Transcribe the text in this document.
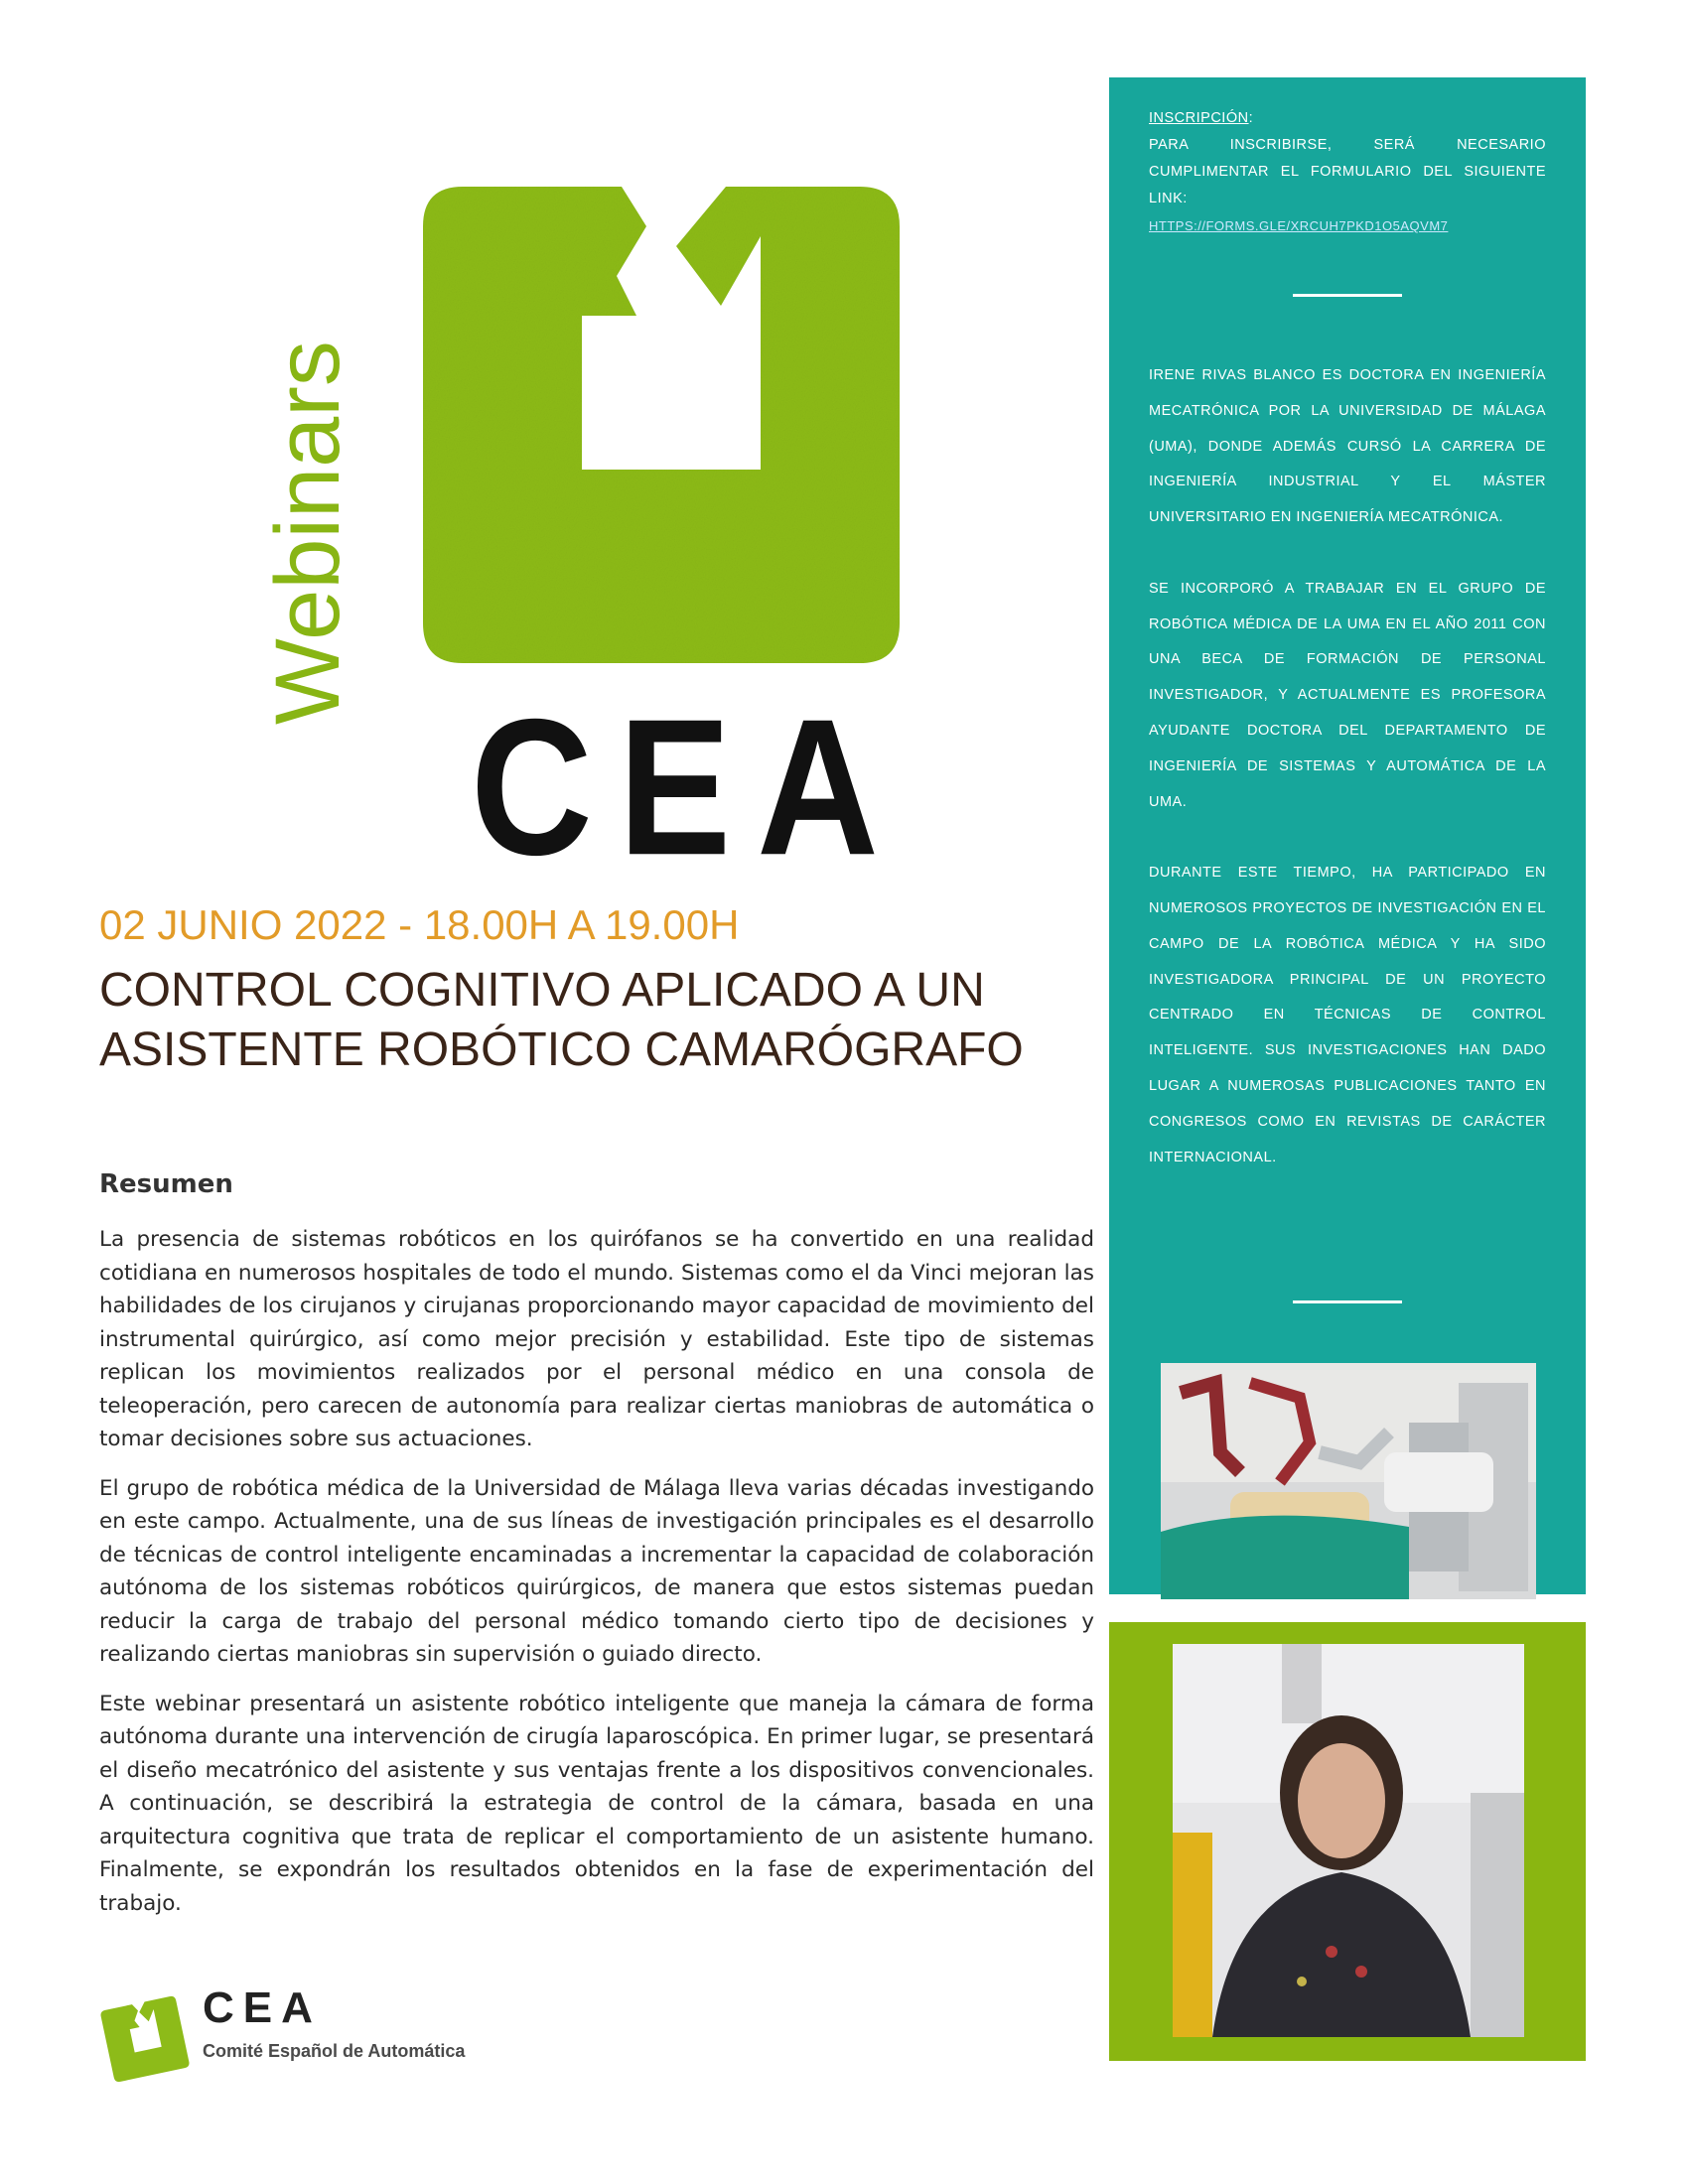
Webinars
CEA
02 JUNIO 2022 - 18.00H A 19.00H
CONTROL COGNITIVO APLICADO A UN
ASISTENTE ROBÓTICO CAMARÓGRAFO
Resumen

La presencia de sistemas robóticos en los quirófanos se ha convertido en una realidad cotidiana en numerosos hospitales de todo el mundo. Sistemas como el da Vinci mejoran las habilidades de los cirujanos y cirujanas proporcionando mayor capacidad de movimiento del instrumental quirúrgico, así como mejor precisión y estabilidad. Este tipo de sistemas replican los movimientos realizados por el personal médico en una consola de teleoperación, pero carecen de autonomía para realizar ciertas maniobras de automática o tomar decisiones sobre sus actuaciones.

El grupo de robótica médica de la Universidad de Málaga lleva varias décadas investigando en este campo. Actualmente, una de sus líneas de investigación principales es el desarrollo de técnicas de control inteligente encaminadas a incrementar la capacidad de colaboración autónoma de los sistemas robóticos quirúrgicos, de manera que estos sistemas puedan reducir la carga de trabajo del personal médico tomando cierto tipo de decisiones y realizando ciertas maniobras sin supervisión o guiado directo.

Este webinar presentará un asistente robótico inteligente que maneja la cámara de forma autónoma durante una intervención de cirugía laparoscópica. En primer lugar, se presentará el diseño mecatrónico del asistente y sus ventajas frente a los dispositivos convencionales. A continuación, se describirá la estrategia de control de la cámara, basada en una arquitectura cognitiva que trata de replicar el comportamiento de un asistente humano. Finalmente, se expondrán los resultados obtenidos en la fase de experimentación del trabajo.

CEA
Comité Español de Automática
INSCRIPCIÓN:
PARA INSCRIBIRSE, SERÁ NECESARIO CUMPLIMENTAR EL FORMULARIO DEL SIGUIENTE LINK:
HTTPS://FORMS.GLE/XRCUH7PKD1O5AQVM7

IRENE RIVAS BLANCO ES DOCTORA EN INGENIERÍA MECATRÓNICA POR LA UNIVERSIDAD DE MÁLAGA (UMA), DONDE ADEMÁS CURSÓ LA CARRERA DE INGENIERÍA INDUSTRIAL Y EL MÁSTER UNIVERSITARIO EN INGENIERÍA MECATRÓNICA.

SE INCORPORÓ A TRABAJAR EN EL GRUPO DE ROBÓTICA MÉDICA DE LA UMA EN EL AÑO 2011 CON UNA BECA DE FORMACIÓN DE PERSONAL INVESTIGADOR, Y ACTUALMENTE ES PROFESORA AYUDANTE DOCTORA DEL DEPARTAMENTO DE INGENIERÍA DE SISTEMAS Y AUTOMÁTICA DE LA UMA.

DURANTE ESTE TIEMPO, HA PARTICIPADO EN NUMEROSOS PROYECTOS DE INVESTIGACIÓN EN EL CAMPO DE LA ROBÓTICA MÉDICA Y HA SIDO INVESTIGADORA PRINCIPAL DE UN PROYECTO CENTRADO EN TÉCNICAS DE CONTROL INTELIGENTE. SUS INVESTIGACIONES HAN DADO LUGAR A NUMEROSAS PUBLICACIONES TANTO EN CONGRESOS COMO EN REVISTAS DE CARÁCTER INTERNACIONAL.
